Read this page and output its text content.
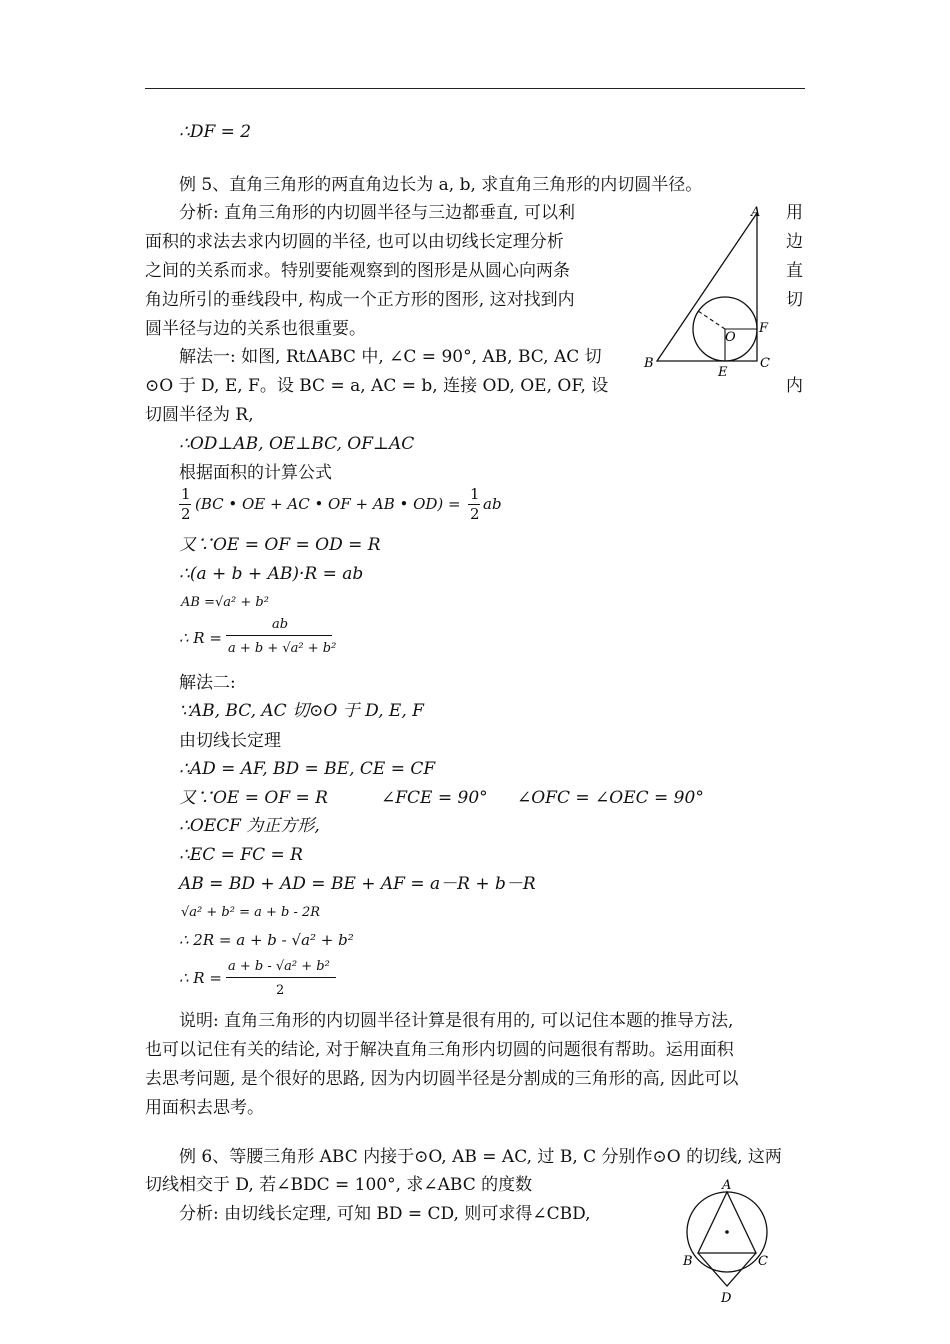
∴DF = 2
例 5、直角三角形的两直角边长为 a, b, 求直角三角形的内切圆半径。
分析: 直角三角形的内切圆半径与三边都垂直, 可以利	用
面积的求法去求内切圆的半径, 也可以由切线长定理分析	边
之间的关系而求。特别要能观察到的图形是从圆心向两条	直
角边所引的垂线段中, 构成一个正方形的图形, 这对找到内	切
圆半径与边的关系也很重要。
解法一: 如图, RtΔABC 中, ∠C = 90°, AB, BC, AC 切
⊙O 于 D, E, F。设 BC = a, AC = b, 连接 OD, OE, OF, 设	内
切圆半径为 R,
∴OD⊥AB, OE⊥BC, OF⊥AC
根据面积的计算公式
1
2
(BC • OE + AC • OF + AB • OD) =
1
2
ab
又∵OE = OF = OD = R
∴(a + b + AB)·R = ab
AB =√a² + b²
∴ R =
ab
a + b + √a² + b²
解法二:
∵AB, BC, AC 切⊙O 于 D, E, F
由切线长定理
∴AD = AF, BD = BE, CE = CF
又∵OE = OF = R	∠FCE = 90° ∠OFC = ∠OEC = 90°
∴OECF 为正方形,
∴EC = FC = R
AB = BD + AD = BE + AF = a－R + b－R
√a² + b² = a + b - 2R
∴ 2R = a + b - √a² + b²
∴ R =
a + b - √a² + b²
2
说明: 直角三角形的内切圆半径计算是很有用的, 可以记住本题的推导方法,
也可以记住有关的结论, 对于解决直角三角形内切圆的问题很有帮助。运用面积
去思考问题, 是个很好的思路, 因为内切圆半径是分割成的三角形的高, 因此可以
用面积去思考。
例 6、等腰三角形 ABC 内接于⊙O, AB = AC, 过 B, C 分别作⊙O 的切线, 这两
切线相交于 D, 若∠BDC = 100°, 求∠ABC 的度数
分析: 由切线长定理, 可知 BD = CD, 则可求得∠CBD,
A
B	C
E
F
O
A
B	C
D
